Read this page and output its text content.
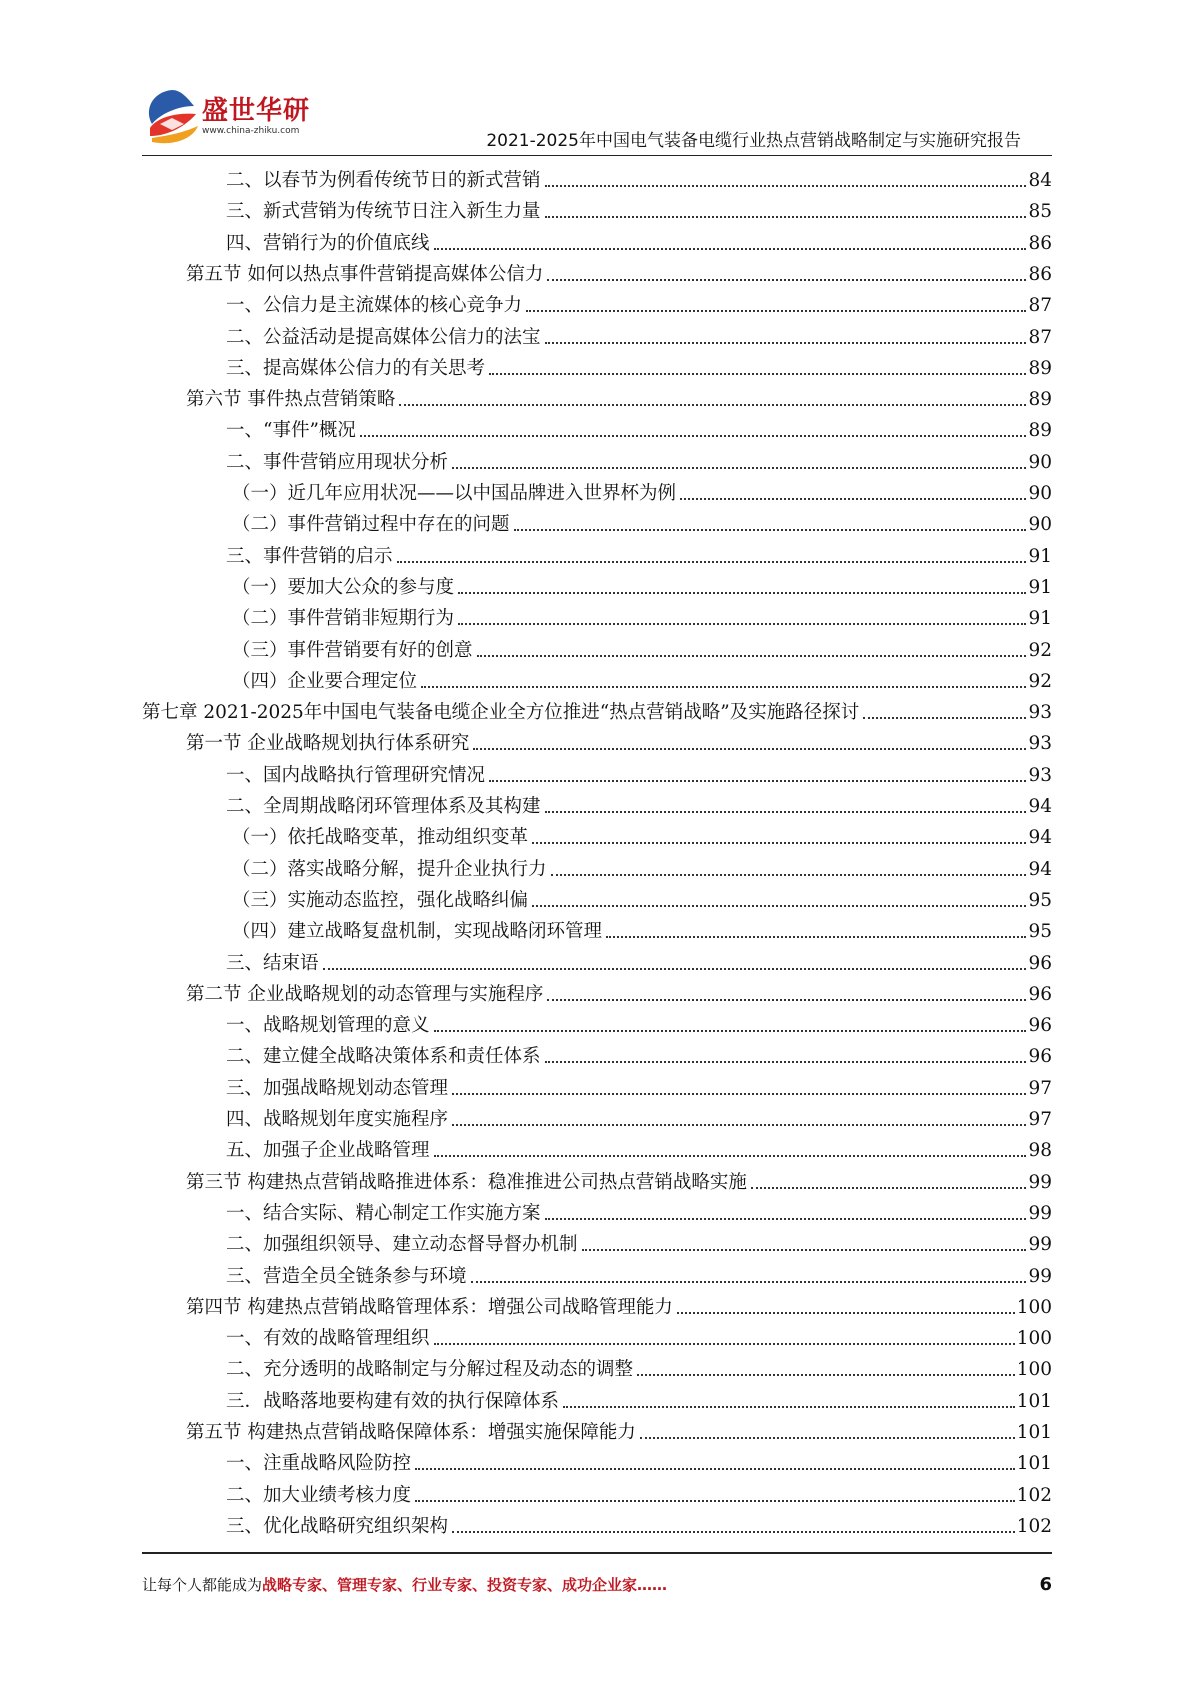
盛世华研
www.china-zhiku.com	2021-2025年中国电气装备电缆行业热点营销战略制定与实施研究报告
二、以春节为例看传统节日的新式营销	84
三、新式营销为传统节日注入新生力量	85
四、营销行为的价值底线	86
第五节 如何以热点事件营销提高媒体公信力	86
一、公信力是主流媒体的核心竞争力	87
二、公益活动是提高媒体公信力的法宝	87
三、提高媒体公信力的有关思考	89
第六节 事件热点营销策略	89
一、“事件”概况	89
二、事件营销应用现状分析	90
（一）近几年应用状况——以中国品牌进入世界杯为例	90
（二）事件营销过程中存在的问题	90
三、事件营销的启示	91
（一）要加大公众的参与度	91
（二）事件营销非短期行为	91
（三）事件营销要有好的创意	92
（四）企业要合理定位	92
第七章 2021-2025年中国电气装备电缆企业全方位推进“热点营销战略”及实施路径探讨	93
第一节 企业战略规划执行体系研究	93
一、国内战略执行管理研究情况	93
二、全周期战略闭环管理体系及其构建	94
（一）依托战略变革，推动组织变革	94
（二）落实战略分解，提升企业执行力	94
（三）实施动态监控，强化战略纠偏	95
（四）建立战略复盘机制，实现战略闭环管理	95
三、结束语	96
第二节 企业战略规划的动态管理与实施程序	96
一、战略规划管理的意义	96
二、建立健全战略决策体系和责任体系	96
三、加强战略规划动态管理	97
四、战略规划年度实施程序	97
五、加强子企业战略管理	98
第三节 构建热点营销战略推进体系：稳准推进公司热点营销战略实施	99
一、结合实际、精心制定工作实施方案	99
二、加强组织领导、建立动态督导督办机制	99
三、营造全员全链条参与环境	99
第四节 构建热点营销战略管理体系：增强公司战略管理能力	100
一、有效的战略管理组织	100
二、充分透明的战略制定与分解过程及动态的调整	100
三．战略落地要构建有效的执行保障体系	101
第五节 构建热点营销战略保障体系：增强实施保障能力	101
一、注重战略风险防控	101
二、加大业绩考核力度	102
三、优化战略研究组织架构	102
让每个人都能成为战略专家、管理专家、行业专家、投资专家、成功企业家……	6
